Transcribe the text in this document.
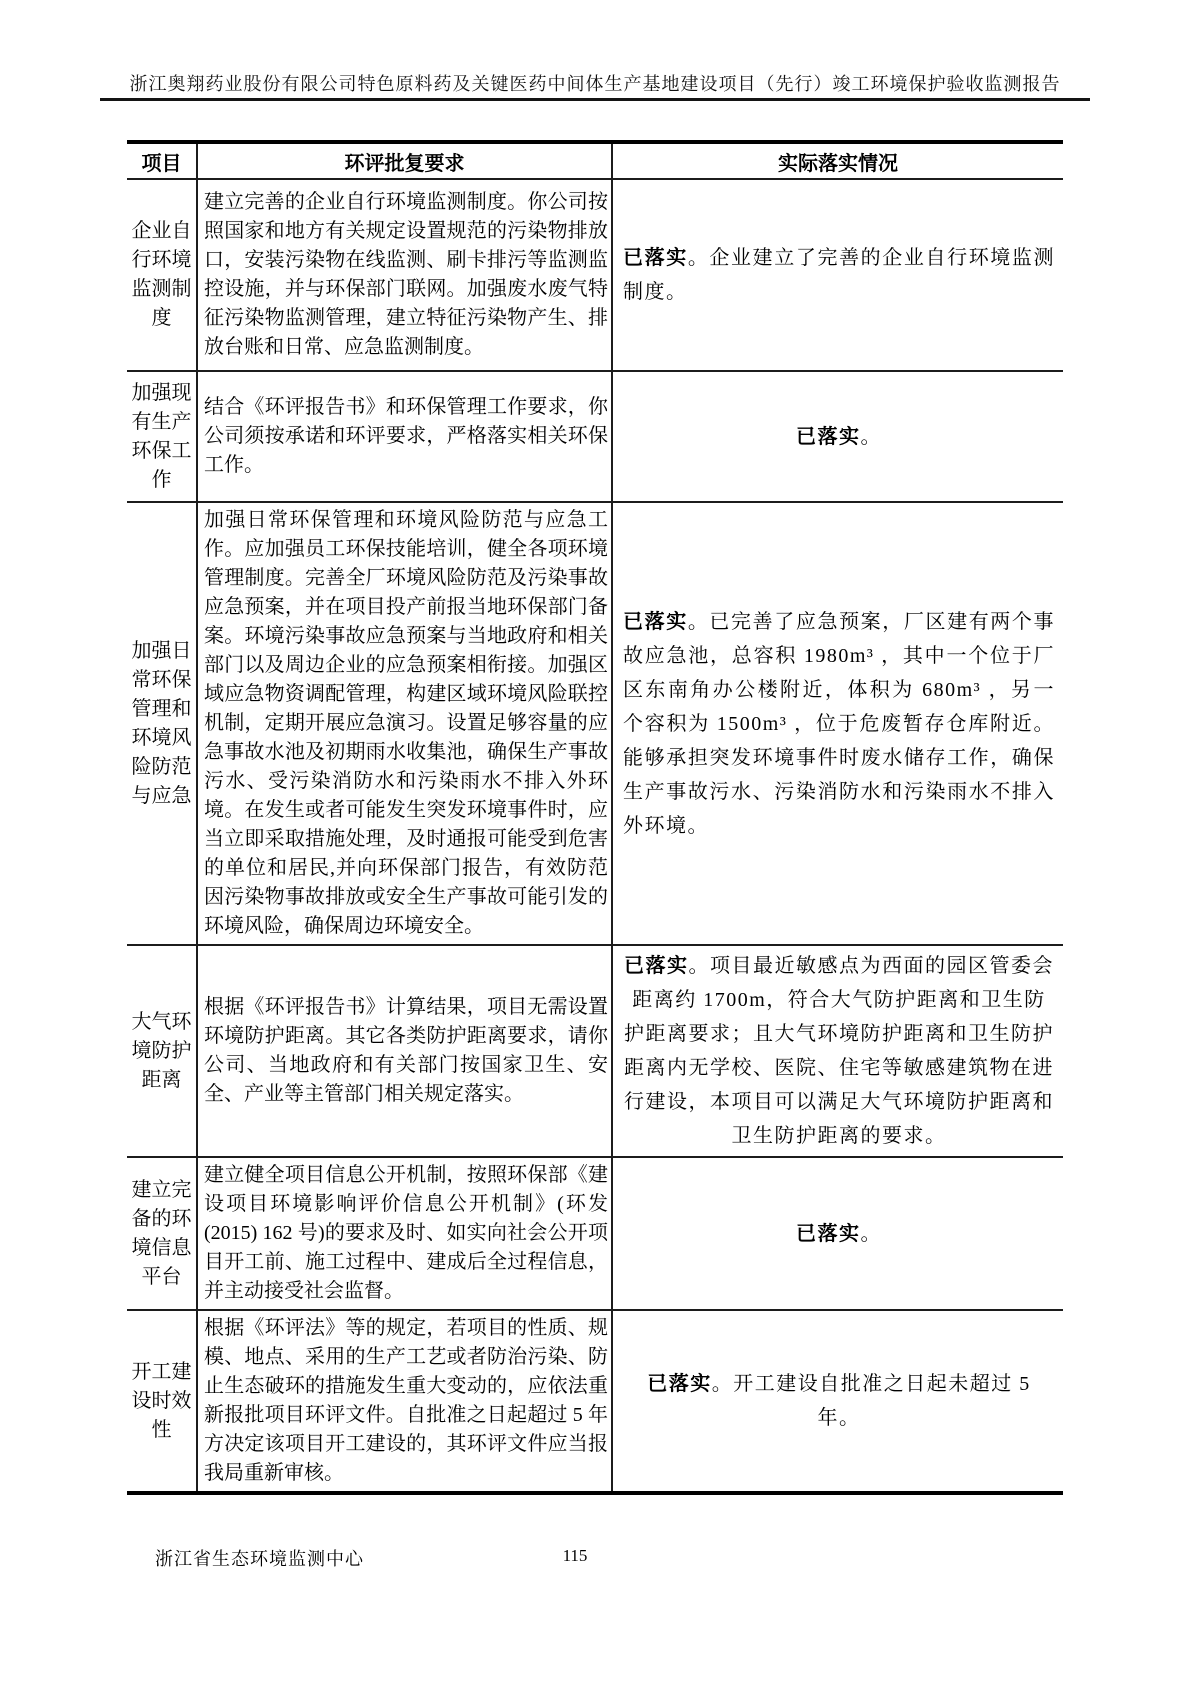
浙江奥翔药业股份有限公司特色原料药及关键医药中间体生产基地建设项目（先行）竣工环境保护验收监测报告
项目	环评批复要求	实际落实情况
企业自行环境监测制度	建立完善的企业自行环境监测制度。你公司按照国家和地方有关规定设置规范的污染物排放口，安装污染物在线监测、刷卡排污等监测监控设施，并与环保部门联网。加强废水废气特征污染物监测管理，建立特征污染物产生、排放台账和日常、应急监测制度。	已落实。企业建立了完善的企业自行环境监测制度。
加强现有生产环保工作	结合《环评报告书》和环保管理工作要求，你公司须按承诺和环评要求，严格落实相关环保工作。	已落实。
加强日常环保管理和环境风险防范与应急	加强日常环保管理和环境风险防范与应急工作。应加强员工环保技能培训，健全各项环境管理制度。完善全厂环境风险防范及污染事故应急预案，并在项目投产前报当地环保部门备案。环境污染事故应急预案与当地政府和相关部门以及周边企业的应急预案相衔接。加强区域应急物资调配管理，构建区域环境风险联控机制，定期开展应急演习。设置足够容量的应急事故水池及初期雨水收集池，确保生产事故污水、受污染消防水和污染雨水不排入外环境。在发生或者可能发生突发环境事件时，应当立即采取措施处理，及时通报可能受到危害的单位和居民,并向环保部门报告，有效防范因污染物事故排放或安全生产事故可能引发的环境风险，确保周边环境安全。	已落实。已完善了应急预案，厂区建有两个事故应急池，总容积 1980m³ ，其中一个位于厂区东南角办公楼附近，体积为 680m³ ，另一个容积为 1500m³ ，位于危废暂存仓库附近。能够承担突发环境事件时废水储存工作，确保生产事故污水、污染消防水和污染雨水不排入外环境。
大气环境防护距离	根据《环评报告书》计算结果，项目无需设置环境防护距离。其它各类防护距离要求，请你公司、当地政府和有关部门按国家卫生、安全、产业等主管部门相关规定落实。	已落实。项目最近敏感点为西面的园区管委会距离约 1700m，符合大气防护距离和卫生防护距离要求；且大气环境防护距离和卫生防护距离内无学校、医院、住宅等敏感建筑物在进行建设，本项目可以满足大气环境防护距离和卫生防护距离的要求。
建立完备的环境信息平台	建立健全项目信息公开机制，按照环保部《建设项目环境影响评价信息公开机制》(环发 (2015) 162 号)的要求及时、如实向社会公开项目开工前、施工过程中、建成后全过程信息，并主动接受社会监督。	已落实。
开工建设时效性	根据《环评法》等的规定，若项目的性质、规模、地点、采用的生产工艺或者防治污染、防止生态破环的措施发生重大变动的，应依法重新报批项目环评文件。自批准之日起超过 5 年方决定该项目开工建设的，其环评文件应当报我局重新审核。	已落实。开工建设自批准之日起未超过 5 年。
浙江省生态环境监测中心	115
